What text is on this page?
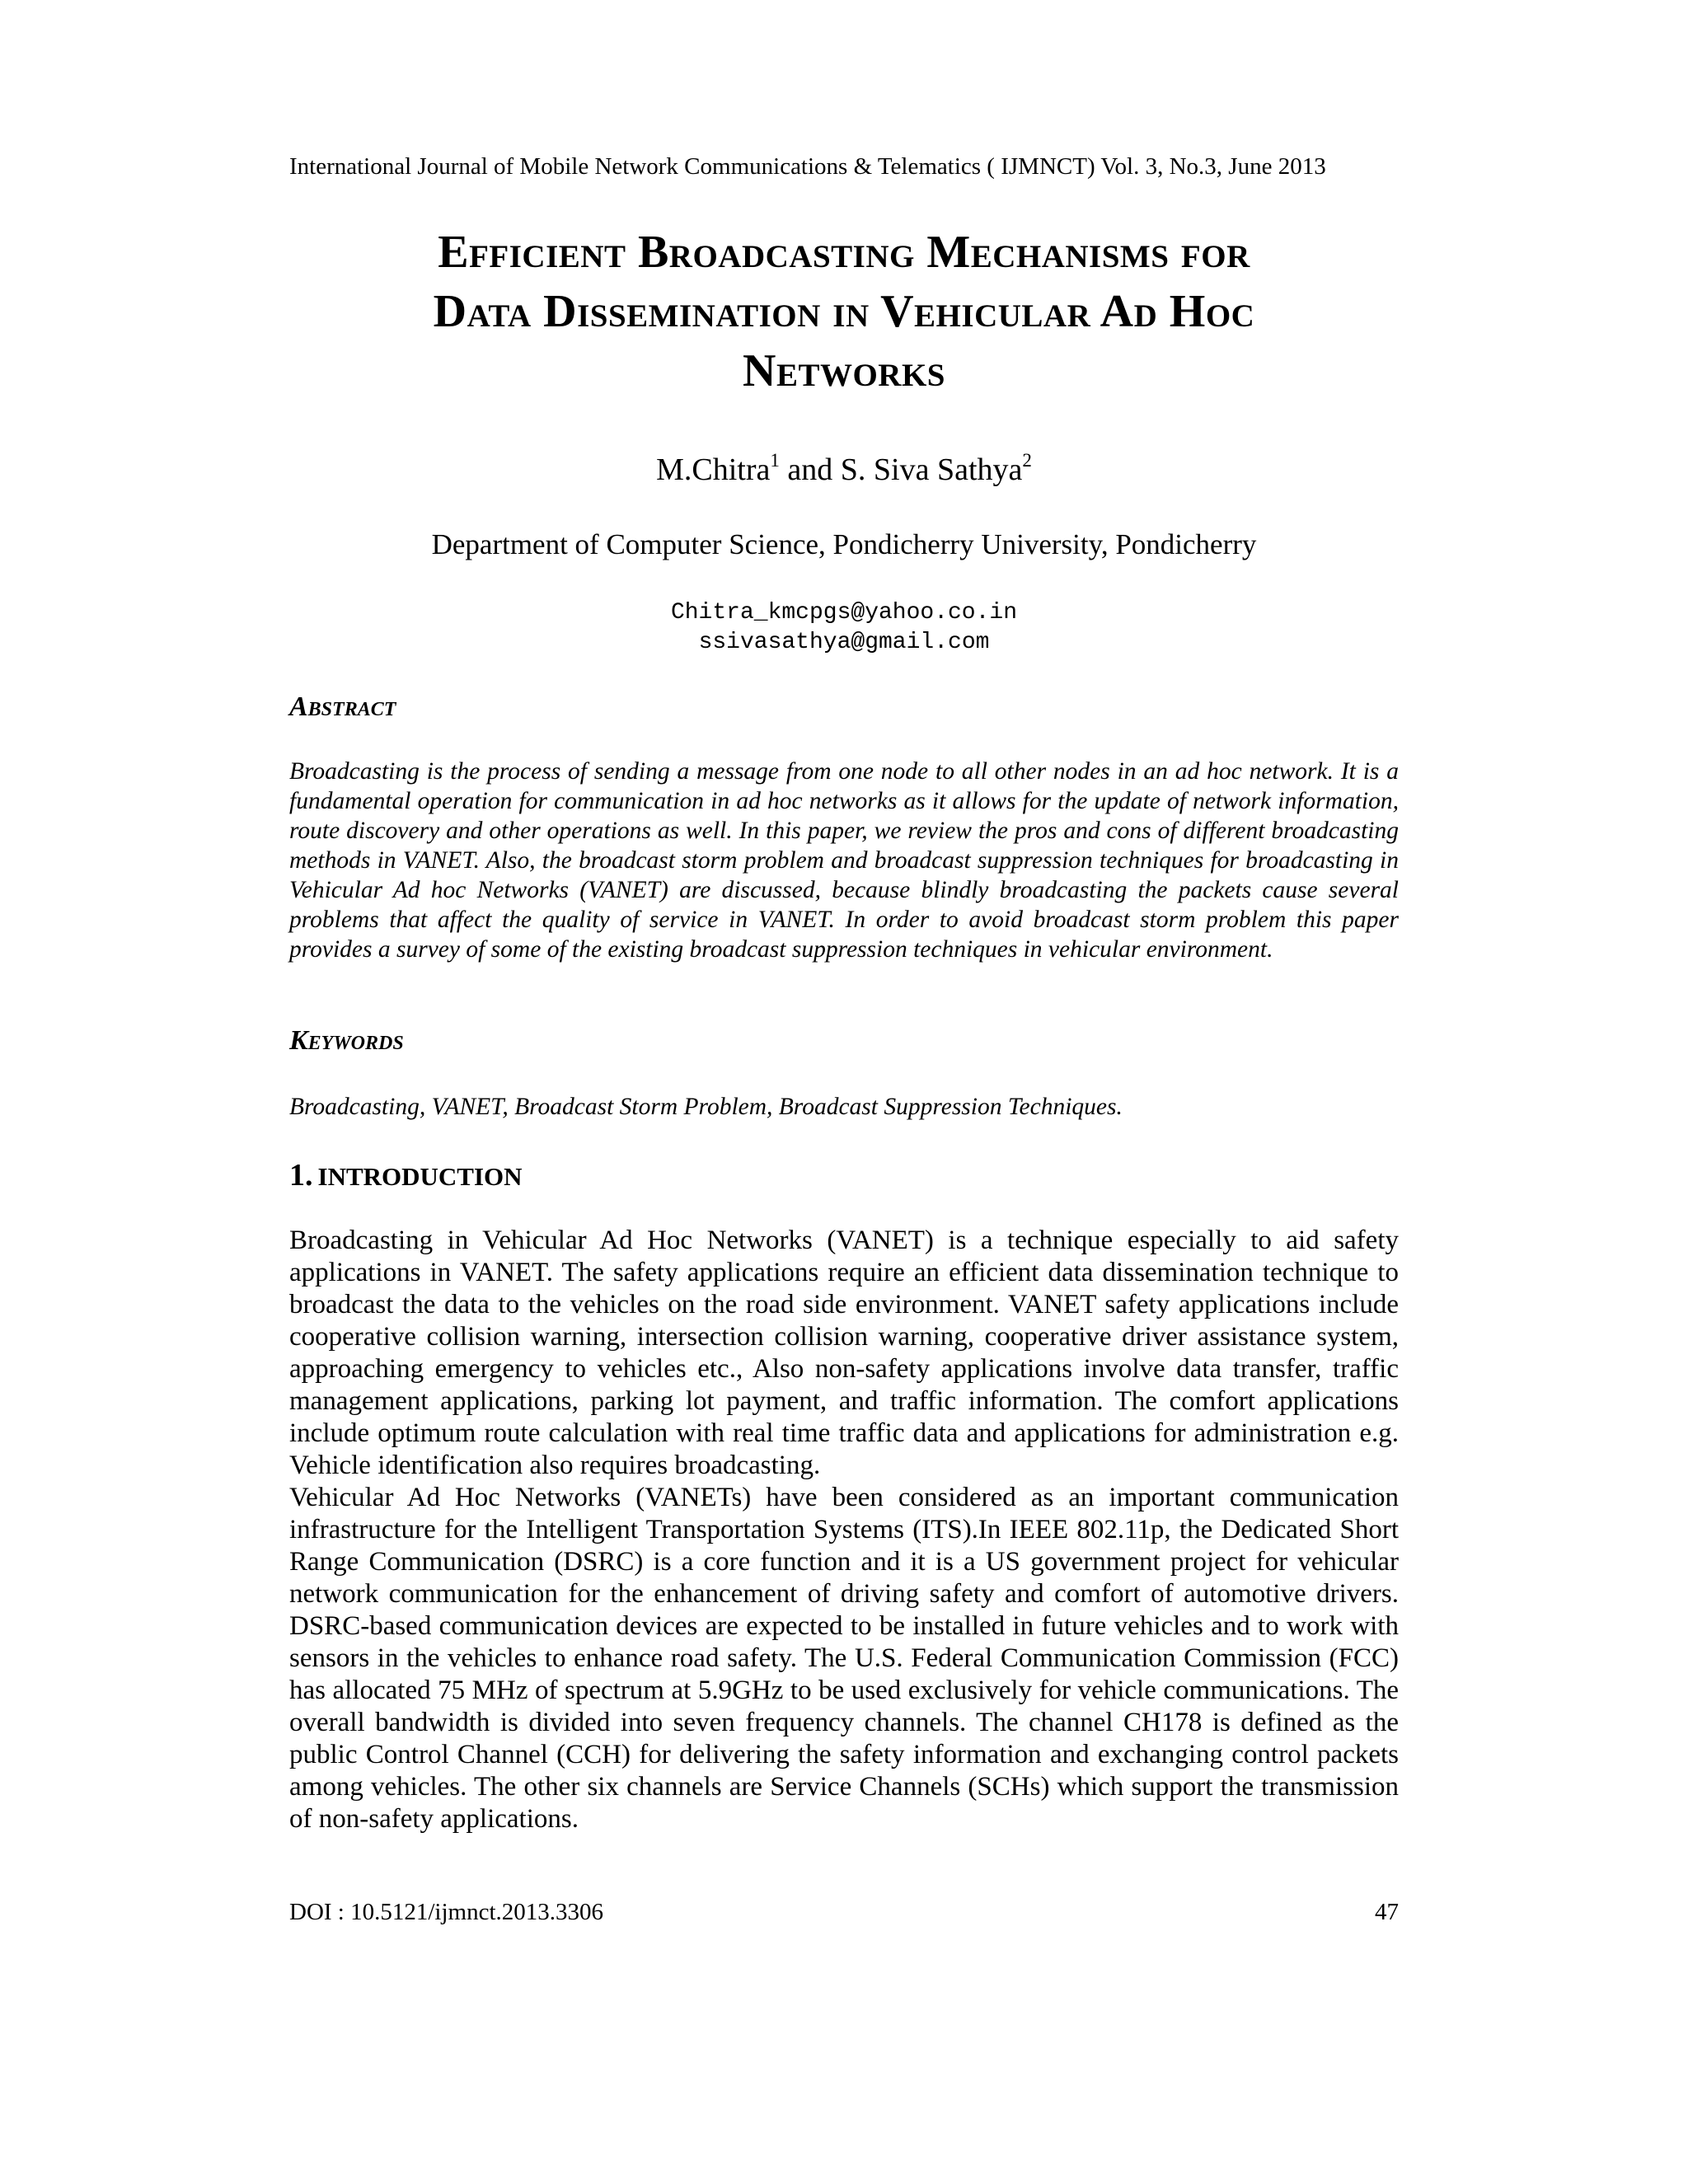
International Journal of Mobile Network Communications & Telematics ( IJMNCT) Vol. 3, No.3, June 2013
Efficient Broadcasting Mechanisms for
Data Dissemination in Vehicular Ad Hoc
Networks
M.Chitra$^1$ and S. Siva Sathya$^2$
Department of Computer Science, Pondicherry University, Pondicherry
Chitra_kmcpgs@yahoo.co.in
ssivasathya@gmail.com
Abstract
Broadcasting is the process of sending a message from one node to all other nodes in an ad hoc network. It is a fundamental operation for communication in ad hoc networks as it allows for the update of network information, route discovery and other operations as well. In this paper, we review the pros and cons of different broadcasting methods in VANET. Also, the broadcast storm problem and broadcast suppression techniques for broadcasting in Vehicular Ad hoc Networks (VANET) are discussed, because blindly broadcasting the packets cause several problems that affect the quality of service in VANET. In order to avoid broadcast storm problem this paper provides a survey of some of the existing broadcast suppression techniques in vehicular environment.
Keywords
Broadcasting, VANET, Broadcast Storm Problem, Broadcast Suppression Techniques.
1. INTRODUCTION

Broadcasting in Vehicular Ad Hoc Networks (VANET) is a technique especially to aid safety applications in VANET. The safety applications require an efficient data dissemination technique to broadcast the data to the vehicles on the road side environment. VANET safety applications include cooperative collision warning, intersection collision warning, cooperative driver assistance system, approaching emergency to vehicles etc., Also non-safety applications involve data transfer, traffic management applications, parking lot payment, and traffic information. The comfort applications include optimum route calculation with real time traffic data and applications for administration e.g. Vehicle identification also requires broadcasting.

Vehicular Ad Hoc Networks (VANETs) have been considered as an important communication infrastructure for the Intelligent Transportation Systems (ITS).In IEEE 802.11p, the Dedicated Short Range Communication (DSRC) is a core function and it is a US government project for vehicular network communication for the enhancement of driving safety and comfort of automotive drivers. DSRC-based communication devices are expected to be installed in future vehicles and to work with sensors in the vehicles to enhance road safety. The U.S. Federal Communication Commission (FCC) has allocated 75 MHz of spectrum at 5.9GHz to be used exclusively for vehicle communications. The overall bandwidth is divided into seven frequency channels. The channel CH178 is defined as the public Control Channel (CCH) for delivering the safety information and exchanging control packets among vehicles. The other six channels are Service Channels (SCHs) which support the transmission of non-safety applications.

DOI : 10.5121/ijmnct.2013.3306	47
